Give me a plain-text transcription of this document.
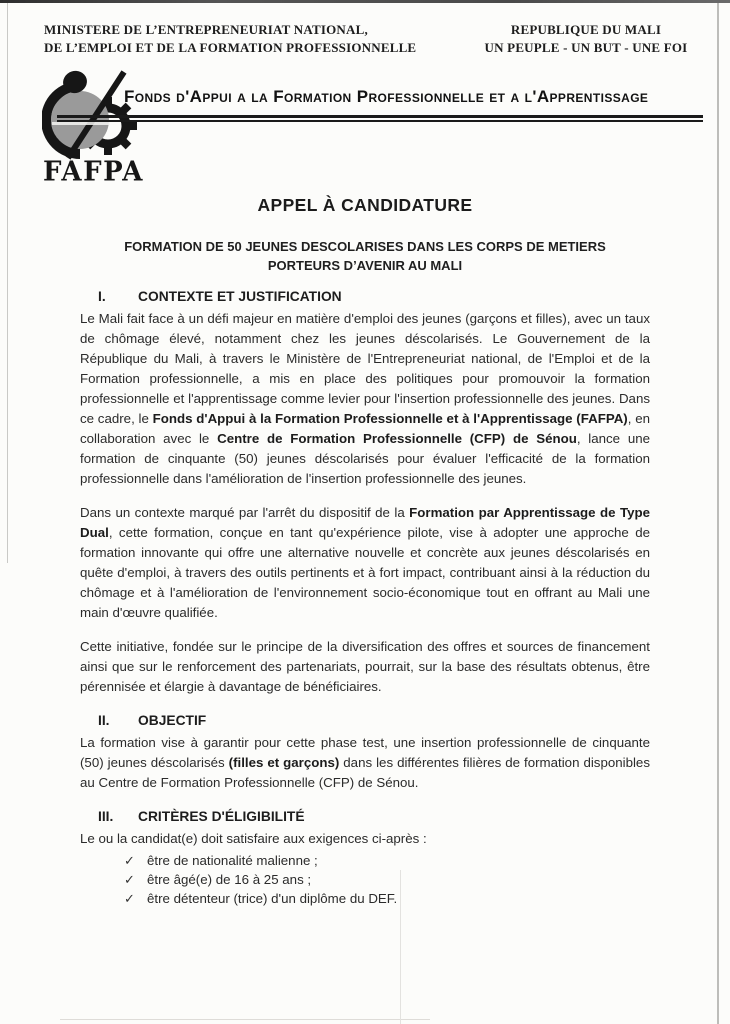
MINISTERE DE L’ENTREPRENEURIAT NATIONAL,
DE L’EMPLOI ET DE LA FORMATION PROFESSIONNELLE
REPUBLIQUE DU MALI
UN PEUPLE - UN BUT - UNE FOI
FAFPA
Fonds d'Appui a la Formation Professionnelle et a l'Apprentissage
APPEL À CANDIDATURE
FORMATION DE 50 JEUNES DESCOLARISES DANS LES CORPS DE METIERS PORTEURS D’AVENIR AU MALI
I.	CONTEXTE ET JUSTIFICATION

Le Mali fait face à un défi majeur en matière d'emploi des jeunes (garçons et filles), avec un taux de chômage élevé, notamment chez les jeunes déscolarisés. Le Gouvernement de la République du Mali, à travers le Ministère de l'Entrepreneuriat national, de l'Emploi et de la Formation professionnelle, a mis en place des politiques pour promouvoir la formation professionnelle et l'apprentissage comme levier pour l'insertion professionnelle des jeunes. Dans ce cadre, le Fonds d'Appui à la Formation Professionnelle et à l'Apprentissage (FAFPA), en collaboration avec le Centre de Formation Professionnelle (CFP) de Sénou, lance une formation de cinquante (50) jeunes déscolarisés pour évaluer l'efficacité de la formation professionnelle dans l'amélioration de l'insertion professionnelle des jeunes.

Dans un contexte marqué par l'arrêt du dispositif de la Formation par Apprentissage de Type Dual, cette formation, conçue en tant qu'expérience pilote, vise à adopter une approche de formation innovante qui offre une alternative nouvelle et concrète aux jeunes déscolarisés en quête d'emploi, à travers des outils pertinents et à fort impact, contribuant ainsi à la réduction du chômage et à l'amélioration de l'environnement socio-économique tout en offrant au Mali une main d'œuvre qualifiée.

Cette initiative, fondée sur le principe de la diversification des offres et sources de financement ainsi que sur le renforcement des partenariats, pourrait, sur la base des résultats obtenus, être pérennisée et élargie à davantage de bénéficiaires.

II.	OBJECTIF

La formation vise à garantir pour cette phase test, une insertion professionnelle de cinquante (50) jeunes déscolarisés (filles et garçons) dans les différentes filières de formation disponibles au Centre de Formation Professionnelle (CFP) de Sénou.

III.	CRITÈRES D'ÉLIGIBILITÉ

Le ou la candidat(e) doit satisfaire aux exigences ci-après :

✓ être de nationalité malienne ;
✓ être âgé(e) de 16 à 25 ans ;
✓ être détenteur (trice) d'un diplôme du DEF.
